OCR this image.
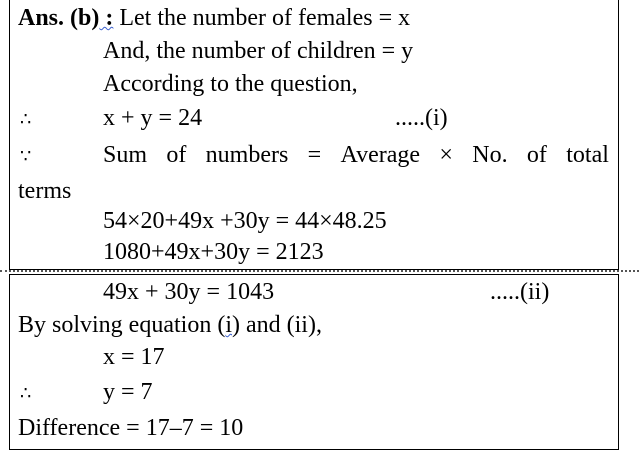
Ans. (b) : Let the number of females = x
And, the number of children = y
According to the question,
∴	x + y = 24	.....(i)
∵	Sum of numbers = Average × No. of total
terms
54×20+49x +30y = 44×48.25
1080+49x+30y = 2123
49x + 30y = 1043	.....(ii)
By solving equation (i) and (ii),
x = 17
∴	y = 7
Difference = 17–7 = 10
